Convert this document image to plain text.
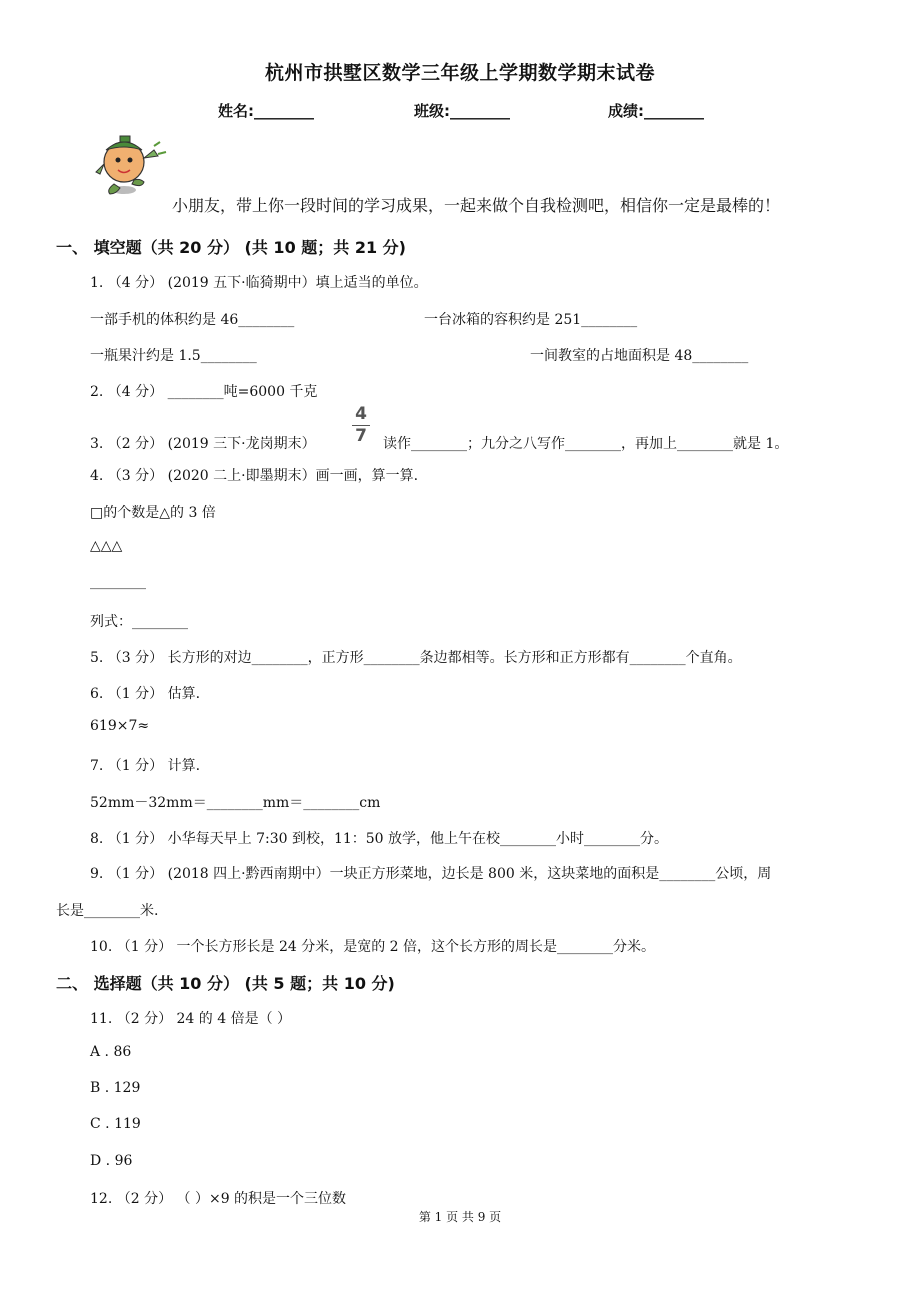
杭州市拱墅区数学三年级上学期数学期末试卷
姓名:________	班级:________	成绩:________
小朋友，带上你一段时间的学习成果，一起来做个自我检测吧，相信你一定是最棒的！
一、 填空题（共 20 分） (共 10 题；共 21 分)
1. （4 分） (2019 五下·临猗期中）填上适当的单位。
一部手机的体积约是 46________	一台冰箱的容积约是 251________
一瓶果汁约是 1.5________	一间教室的占地面积是 48________
2. （4 分） ________吨=6000 千克
3. （2 分） (2019 三下·龙岗期末）
4
7 读作________；九分之八写作________，再加上________就是 1。
4. （3 分） (2020 二上·即墨期末）画一画，算一算.
□的个数是△的 3 倍
△△△
________
列式：________
5. （3 分） 长方形的对边________，正方形________条边都相等。长方形和正方形都有________个直角。
6. （1 分） 估算.
619×7≈
7. （1 分） 计算.
52mm－32mm＝________mm＝________cm
8. （1 分） 小华每天早上 7:30 到校，11：50 放学，他上午在校________小时________分。
9. （1 分） (2018 四上·黔西南期中）一块正方形菜地，边长是 800 米，这块菜地的面积是________公顷，周
长是________米.
10. （1 分） 一个长方形长是 24 分米，是宽的 2 倍，这个长方形的周长是________分米。
二、 选择题（共 10 分） (共 5 题；共 10 分)
11. （2 分） 24 的 4 倍是（ ）
A . 86
B . 129
C . 119
D . 96
12. （2 分） （ ）×9 的积是一个三位数
第 1 页 共 9 页
